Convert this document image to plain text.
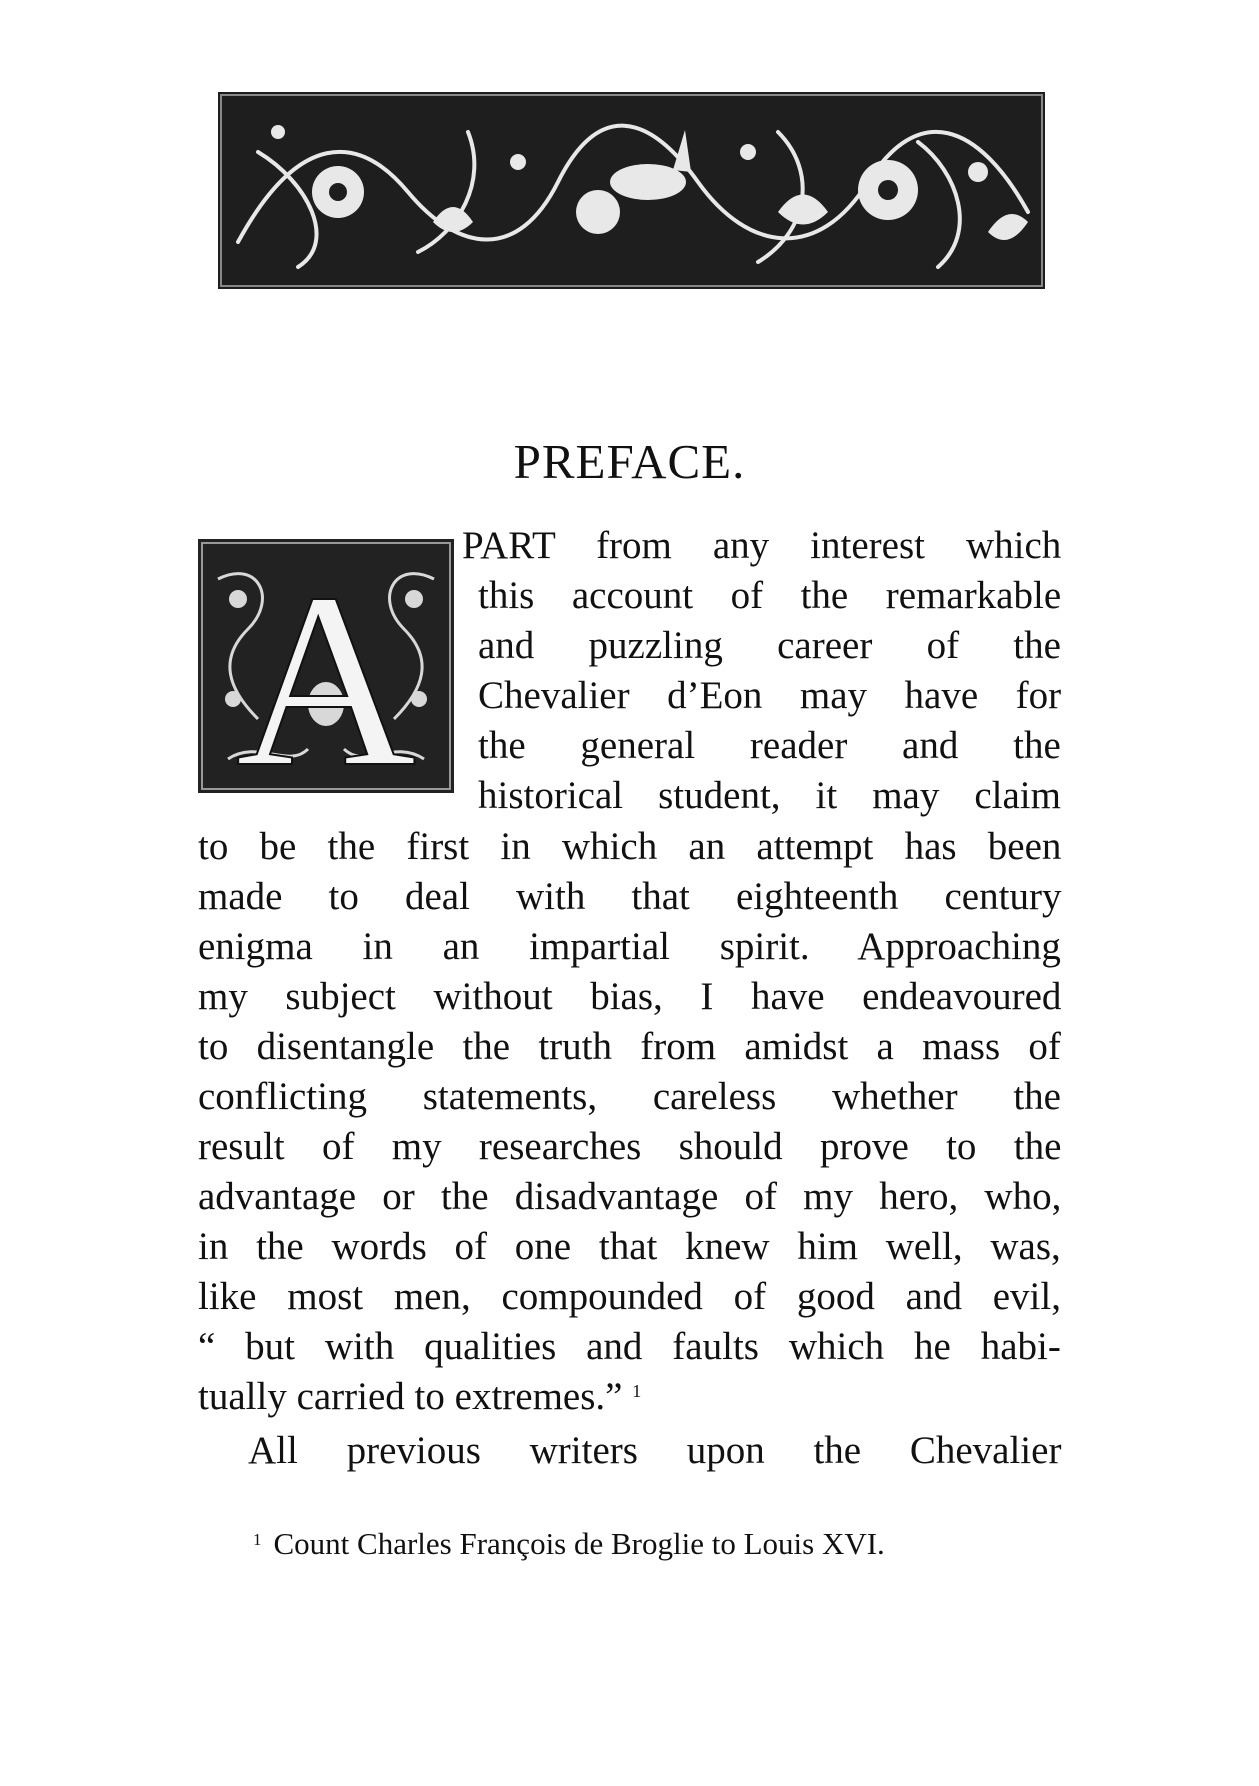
PREFACE.
A PART from any interest which
this account of the remarkable
and puzzling career of the
Chevalier d’Eon may have for
the general reader and the
historical student, it may claim
to be the first in which an attempt has been
made to deal with that eighteenth century
enigma in an impartial spirit. Approaching
my subject without bias, I have endeavoured
to disentangle the truth from amidst a mass of
conflicting statements, careless whether the
result of my researches should prove to the
advantage or the disadvantage of my hero, who,
in the words of one that knew him well, was,
like most men, compounded of good and evil,
“ but with qualities and faults which he habi-
tually carried to extremes.” $^1$
All previous writers upon the Chevalier
$^1$ Count Charles François de Broglie to Louis XVI.
